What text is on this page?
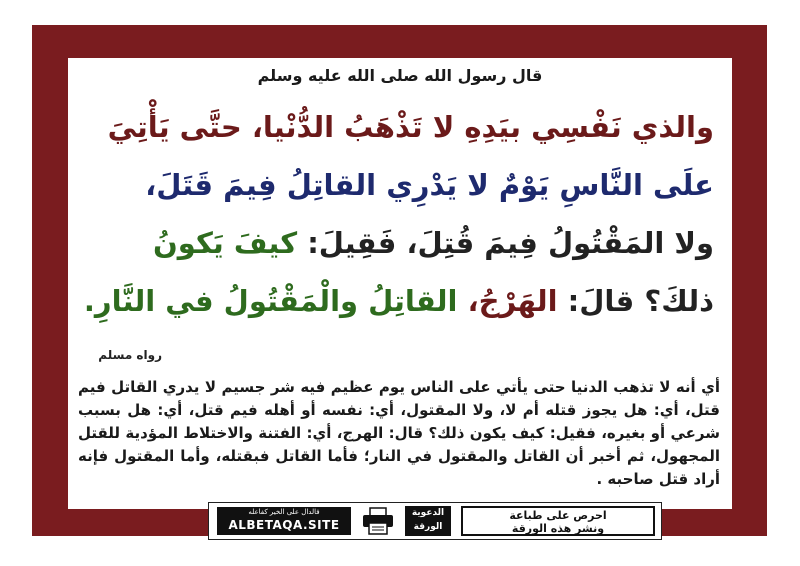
قال رسول الله صلى الله عليه وسلم
والذي نَفْسِي بيَدِهِ لا تَذْهَبُ الدُّنْيا، حتَّى يَأْتِيَ
علَى النَّاسِ يَوْمٌ لا يَدْرِي القاتِلُ فِيمَ قَتَلَ،
ولا المَقْتُولُ فِيمَ قُتِلَ، فَقِيلَ: كيفَ يَكونُ
ذلكَ؟ قالَ: الهَرْجُ، القاتِلُ والْمَقْتُولُ في النَّارِ.
رواه مسلم
أي أنه لا تذهب الدنيا حتى يأتي على الناس يوم عظيم فيه شر جسيم لا يدري القاتل فيم قتل، أي: هل يجوز قتله أم لا، ولا المقتول، أي: نفسه أو أهله فيم قتل، أي: هل بسبب شرعي أو بغيره، فقيل: كيف يكون ذلك؟ قال: الهرج، أي: الفتنة والاختلاط المؤدية للقتل المجهول، ثم أخبر أن القاتل والمقتول في النار؛ فأما القاتل فبقتله، وأما المقتول فإنه أراد قتل صاحبه .
فالدال على الخير كفاعله
ALBETAQA.SITE
الدعوية
الورقة
احرص على طباعة
ونشر هذه الورقة
